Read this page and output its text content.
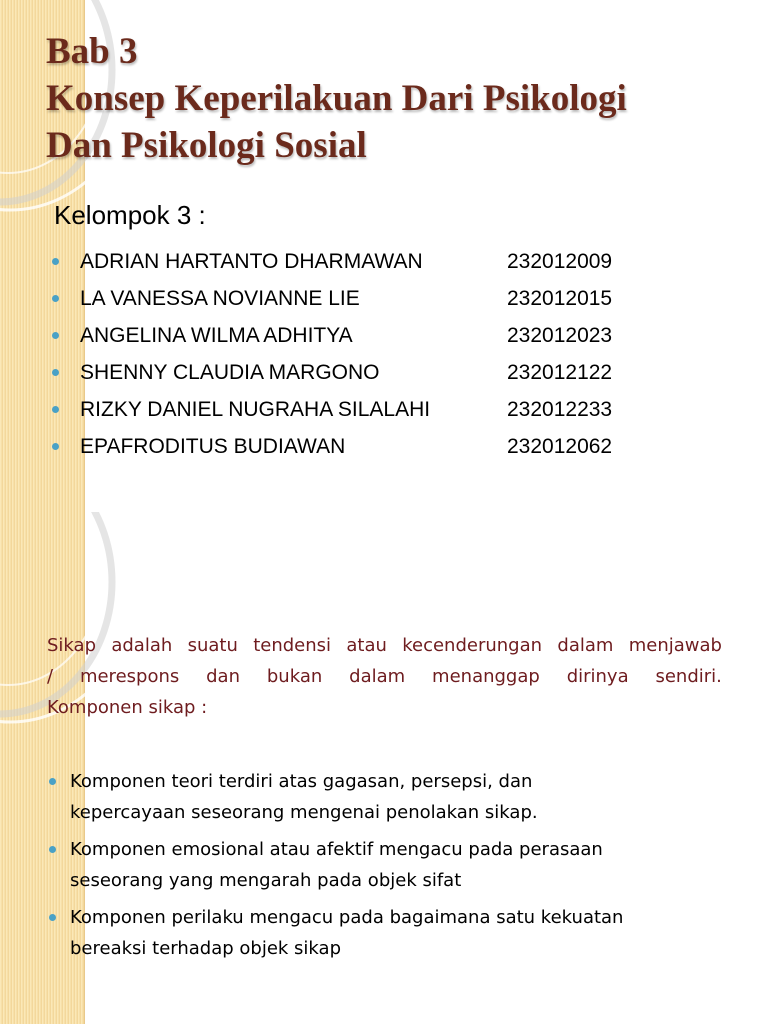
Bab 3
Konsep Keperilakuan Dari Psikologi
Dan Psikologi Sosial

Kelompok 3 :

ADRIAN HARTANTO DHARMAWAN	232012009
LA VANESSA NOVIANNE LIE	232012015
ANGELINA WILMA ADHITYA	232012023
SHENNY CLAUDIA MARGONO	232012122
RIZKY DANIEL NUGRAHA SILALAHI	232012233
EPAFRODITUS BUDIAWAN	232012062
Sikap adalah suatu tendensi atau kecenderungan dalam menjawab
/ merespons dan bukan dalam menanggap dirinya sendiri.
Komponen sikap :
Komponen teori terdiri atas gagasan, persepsi, dan
kepercayaan seseorang mengenai penolakan sikap.
Komponen emosional atau afektif mengacu pada perasaan
seseorang yang mengarah pada objek sifat
Komponen perilaku mengacu pada bagaimana satu kekuatan
bereaksi terhadap objek sikap
